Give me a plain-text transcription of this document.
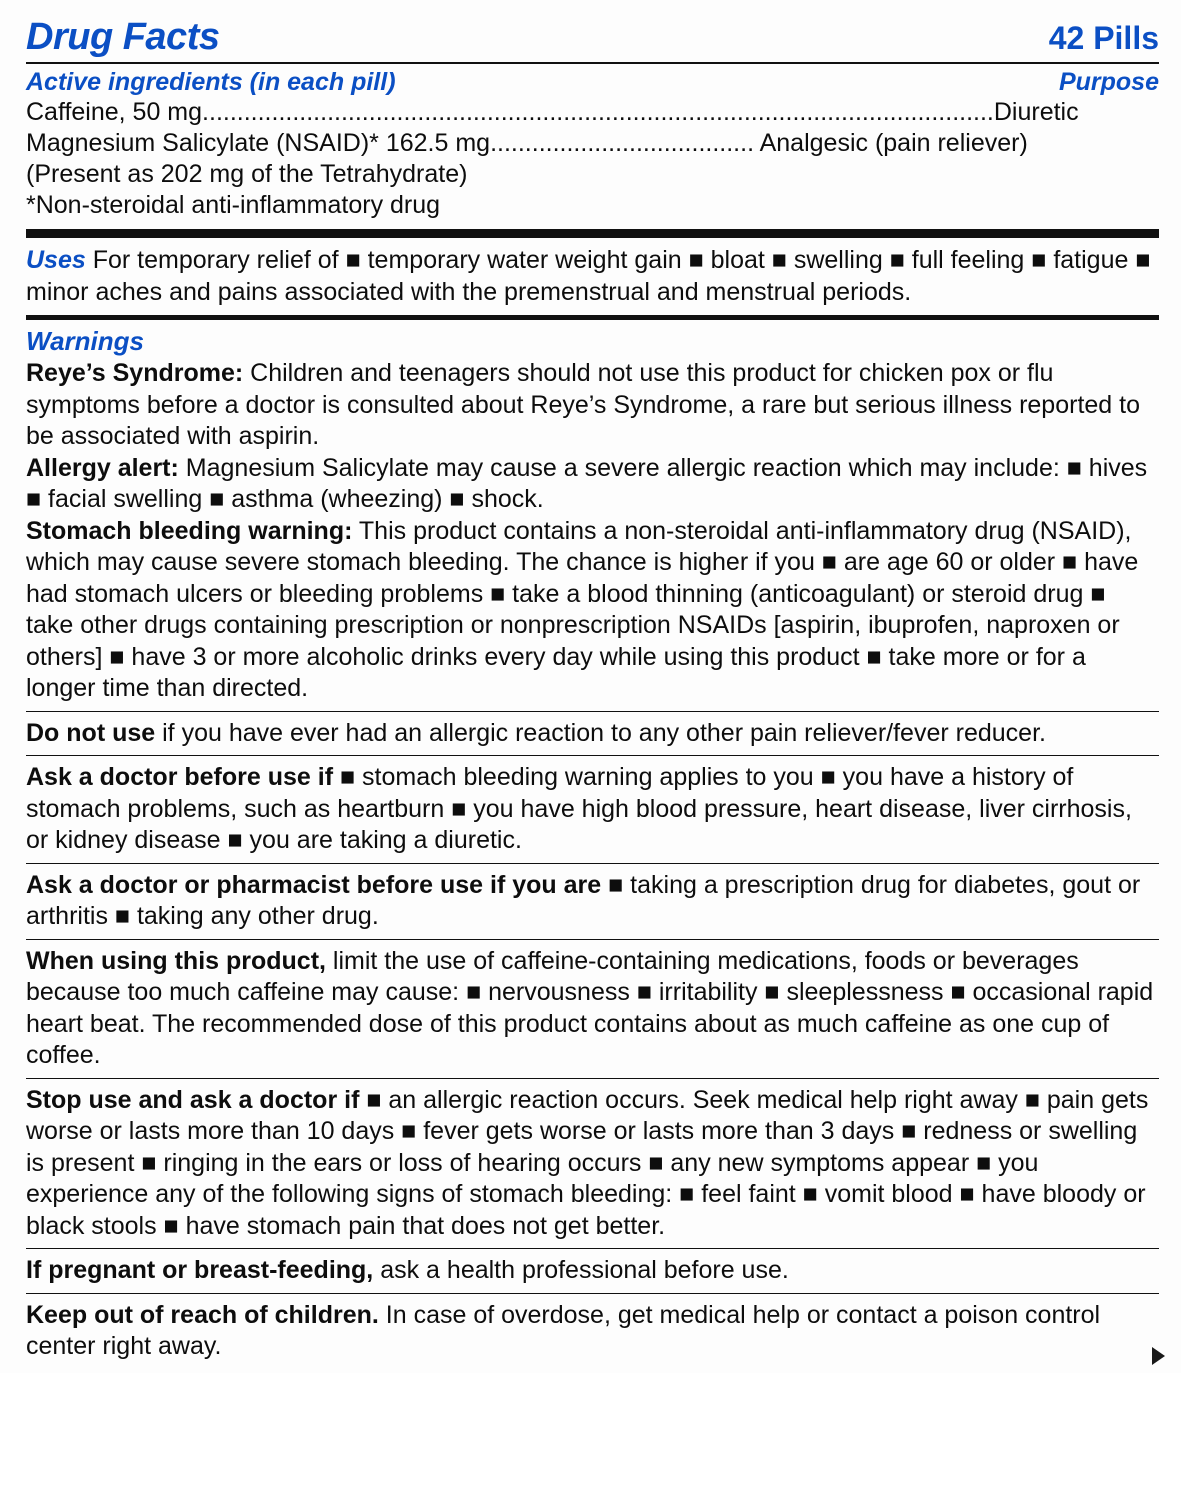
Drug Facts	42 Pills
Active ingredients (in each pill)	Purpose
Caffeine, 50 mg..................................................................................................................Diuretic
Magnesium Salicylate (NSAID)* 162.5 mg...................................... Analgesic (pain reliever)
(Present as 202 mg of the Tetrahydrate)
*Non-steroidal anti-inflammatory drug

Uses For temporary relief of ■ temporary water weight gain ■ bloat ■ swelling ■ full feeling ■ fatigue ■ minor aches and pains associated with the premenstrual and menstrual periods.

Warnings

Reye’s Syndrome: Children and teenagers should not use this product for chicken pox or flu symptoms before a doctor is consulted about Reye’s Syndrome, a rare but serious illness reported to be associated with aspirin.

Allergy alert: Magnesium Salicylate may cause a severe allergic reaction which may include: ■ hives ■ facial swelling ■ asthma (wheezing) ■ shock.

Stomach bleeding warning: This product contains a non-steroidal anti-inflammatory drug (NSAID), which may cause severe stomach bleeding. The chance is higher if you ■ are age 60 or older ■ have had stomach ulcers or bleeding problems ■ take a blood thinning (anticoagulant) or steroid drug ■ take other drugs containing prescription or nonprescription NSAIDs [aspirin, ibuprofen, naproxen or others] ■ have 3 or more alcoholic drinks every day while using this product ■ take more or for a longer time than directed.

Do not use if you have ever had an allergic reaction to any other pain reliever/fever reducer.

Ask a doctor before use if ■ stomach bleeding warning applies to you ■ you have a history of stomach problems, such as heartburn ■ you have high blood pressure, heart disease, liver cirrhosis, or kidney disease ■ you are taking a diuretic.

Ask a doctor or pharmacist before use if you are ■ taking a prescription drug for diabetes, gout or arthritis ■ taking any other drug.

When using this product, limit the use of caffeine-containing medications, foods or beverages because too much caffeine may cause: ■ nervousness ■ irritability ■ sleeplessness ■ occasional rapid heart beat. The recommended dose of this product contains about as much caffeine as one cup of coffee.

Stop use and ask a doctor if ■ an allergic reaction occurs. Seek medical help right away ■ pain gets worse or lasts more than 10 days ■ fever gets worse or lasts more than 3 days ■ redness or swelling is present ■ ringing in the ears or loss of hearing occurs ■ any new symptoms appear ■ you experience any of the following signs of stomach bleeding: ■ feel faint ■ vomit blood ■ have bloody or black stools ■ have stomach pain that does not get better.

If pregnant or breast-feeding, ask a health professional before use.

Keep out of reach of children. In case of overdose, get medical help or contact a poison control center right away.
